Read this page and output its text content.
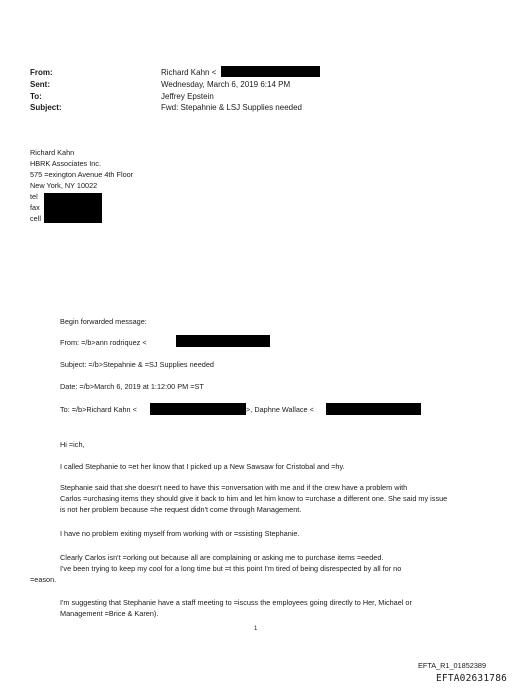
From:	Richard Kahn <
Sent:	Wednesday, March 6, 2019 6:14 PM
To:	Jeffrey Epstein
Subject:	Fwd: Stepahnie & LSJ Supplies needed
Richard Kahn
HBRK Associates Inc.
575 =exington Avenue 4th Floor
New York, NY 10022
tel
fax
cell
Begin forwarded message:
From: =/b>ann rodriquez <
Subject: =/b>Stepahnie & =SJ Supplies needed
Date: =/b>March 6, 2019 at 1:12:00 PM =ST
To: =/b>Richard Kahn <	>, Daphne Wallace <
Hi =ich,
I called Stephanie to =et her know that I picked up a New Sawsaw for Cristobal and =hy.
Stephanie said that she doesn't need to have this =onversation with me and if the crew have a problem with
Carlos =urchasing items they should give it back to him and let him know to =urchase a different one. She said my issue
is not her problem because =he request didn't come through Management.
I have no problem exiting myself from working with or =ssisting Stephanie.
Clearly Carlos isn't =orking out because all are complaining or asking me to purchase items =eeded.
I've been trying to keep my cool for a long time but =t this point I'm tired of being disrespected by all for no
=eason.
I'm suggesting that Stephanie have a staff meeting to =iscuss the employees going directly to Her, Michael or
Management =Brice & Karen).
1
EFTA_R1_01852389
EFTA02631786
